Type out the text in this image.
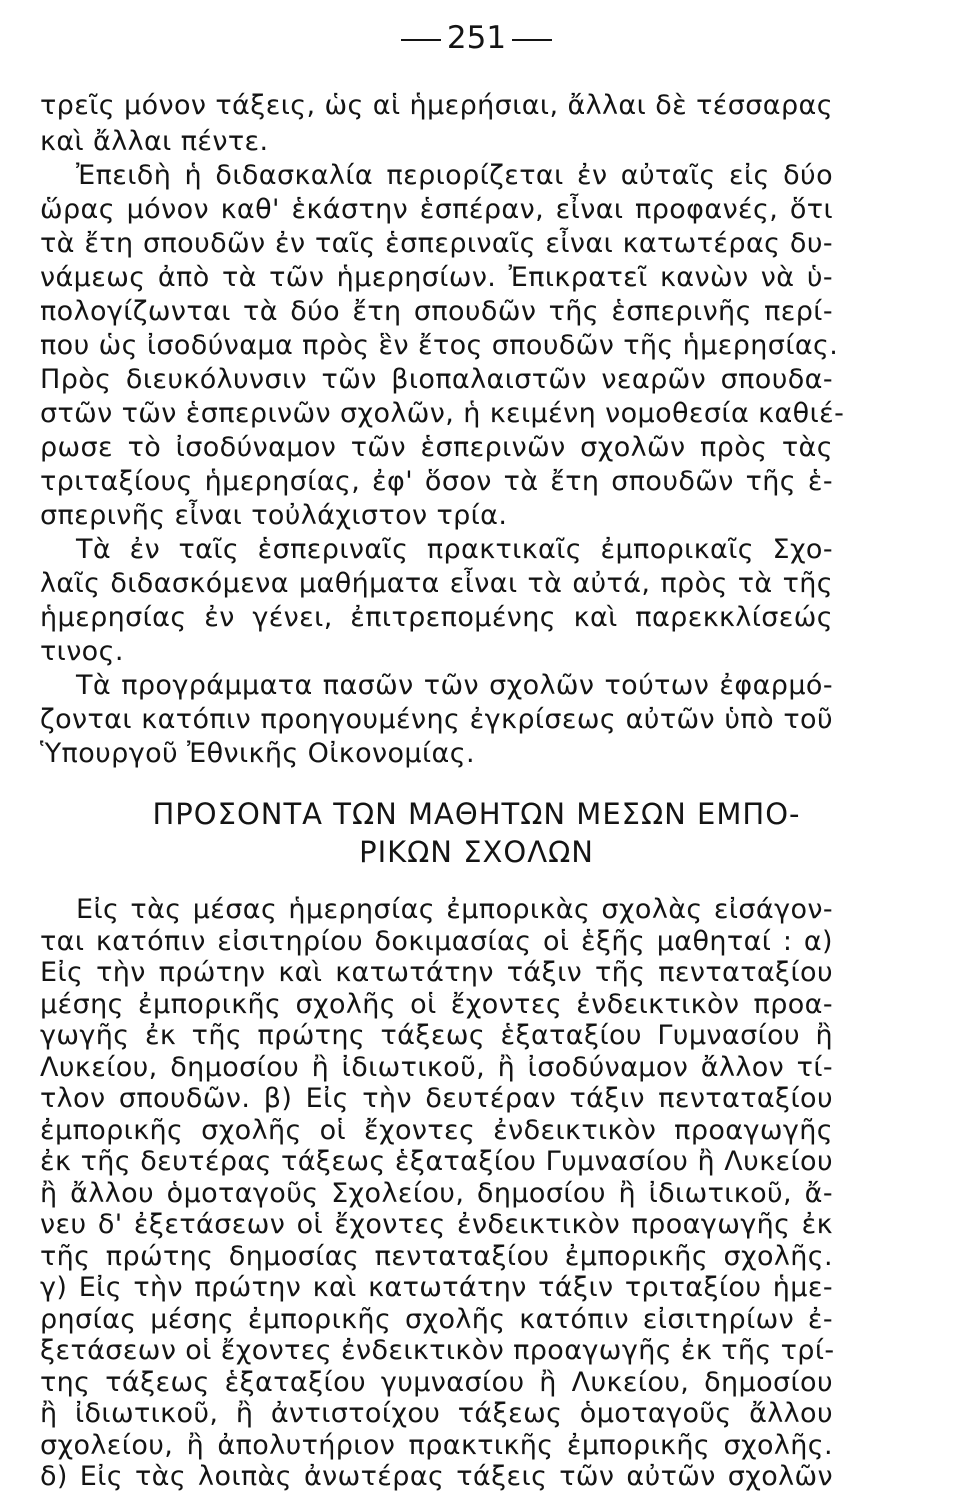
251
τρεῖς μόνον τάξεις, ὡς αἱ ἡμερήσιαι, ἄλλαι δὲ τέσσαρας
καὶ ἄλλαι πέντε.
Ἐπειδὴ ἡ διδασκαλία περιορίζεται ἐν αὐταῖς εἰς δύο
ὥρας μόνον καθ' ἑκάστην ἑσπέραν, εἶναι προφανές, ὅτι
τὰ ἔτη σπουδῶν ἐν ταῖς ἑσπεριναῖς εἶναι κατωτέρας δυ-
νάμεως ἀπὸ τὰ τῶν ἡμερησίων. Ἐπικρατεῖ κανὼν νὰ ὑ-
πολογίζωνται τὰ δύο ἔτη σπουδῶν τῆς ἑσπερινῆς περί-
που ὡς ἰσοδύναμα πρὸς ἓν ἔτος σπουδῶν τῆς ἡμερησίας.
Πρὸς διευκόλυνσιν τῶν βιοπαλαιστῶν νεαρῶν σπουδα-
στῶν τῶν ἑσπερινῶν σχολῶν, ἡ κειμένη νομοθεσία καθιέ-
ρωσε τὸ ἰσοδύναμον τῶν ἑσπερινῶν σχολῶν πρὸς τὰς
τριταξίους ἡμερησίας, ἐφ' ὅσον τὰ ἔτη σπουδῶν τῆς ἑ-
σπερινῆς εἶναι τοὐλάχιστον τρία.
Τὰ ἐν ταῖς ἑσπεριναῖς πρακτικαῖς ἐμπορικαῖς Σχο-
λαῖς διδασκόμενα μαθήματα εἶναι τὰ αὐτά, πρὸς τὰ τῆς
ἡμερησίας ἐν γένει, ἐπιτρεπομένης καὶ παρεκκλίσεώς
τινος.
Τὰ προγράμματα πασῶν τῶν σχολῶν τούτων ἐφαρμό-
ζονται κατόπιν προηγουμένης ἐγκρίσεως αὐτῶν ὑπὸ τοῦ
Ὑπουργοῦ Ἐθνικῆς Οἰκονομίας.
ΠΡΟΣΟΝΤΑ ΤΩΝ ΜΑΘΗΤΩΝ ΜΕΣΩΝ ΕΜΠΟ-
ΡΙΚΩΝ ΣΧΟΛΩΝ
Εἰς τὰς μέσας ἡμερησίας ἐμπορικὰς σχολὰς εἰσάγον-
ται κατόπιν εἰσιτηρίου δοκιμασίας οἱ ἑξῆς μαθηταί : α)
Εἰς τὴν πρώτην καὶ κατωτάτην τάξιν τῆς πενταταξίου
μέσης ἐμπορικῆς σχολῆς οἱ ἔχοντες ἐνδεικτικὸν προα-
γωγῆς ἐκ τῆς πρώτης τάξεως ἑξαταξίου Γυμνασίου ἢ
Λυκείου, δημοσίου ἢ ἰδιωτικοῦ, ἢ ἰσοδύναμον ἄλλον τί-
τλον σπουδῶν. β) Εἰς τὴν δευτέραν τάξιν πενταταξίου
ἐμπορικῆς σχολῆς οἱ ἔχοντες ἐνδεικτικὸν προαγωγῆς
ἐκ τῆς δευτέρας τάξεως ἑξαταξίου Γυμνασίου ἢ Λυκείου
ἢ ἄλλου ὁμοταγοῦς Σχολείου, δημοσίου ἢ ἰδιωτικοῦ, ἄ-
νευ δ' ἐξετάσεων οἱ ἔχοντες ἐνδεικτικὸν προαγωγῆς ἐκ
τῆς πρώτης δημοσίας πενταταξίου ἐμπορικῆς σχολῆς.
γ) Εἰς τὴν πρώτην καὶ κατωτάτην τάξιν τριταξίου ἡμε-
ρησίας μέσης ἐμπορικῆς σχολῆς κατόπιν εἰσιτηρίων ἐ-
ξετάσεων οἱ ἔχοντες ἐνδεικτικὸν προαγωγῆς ἐκ τῆς τρί-
της τάξεως ἑξαταξίου γυμνασίου ἢ Λυκείου, δημοσίου
ἢ ἰδιωτικοῦ, ἢ ἀντιστοίχου τάξεως ὁμοταγοῦς ἄλλου
σχολείου, ἢ ἀπολυτήριον πρακτικῆς ἐμπορικῆς σχολῆς.
δ) Εἰς τὰς λοιπὰς ἀνωτέρας τάξεις τῶν αὐτῶν σχολῶν
